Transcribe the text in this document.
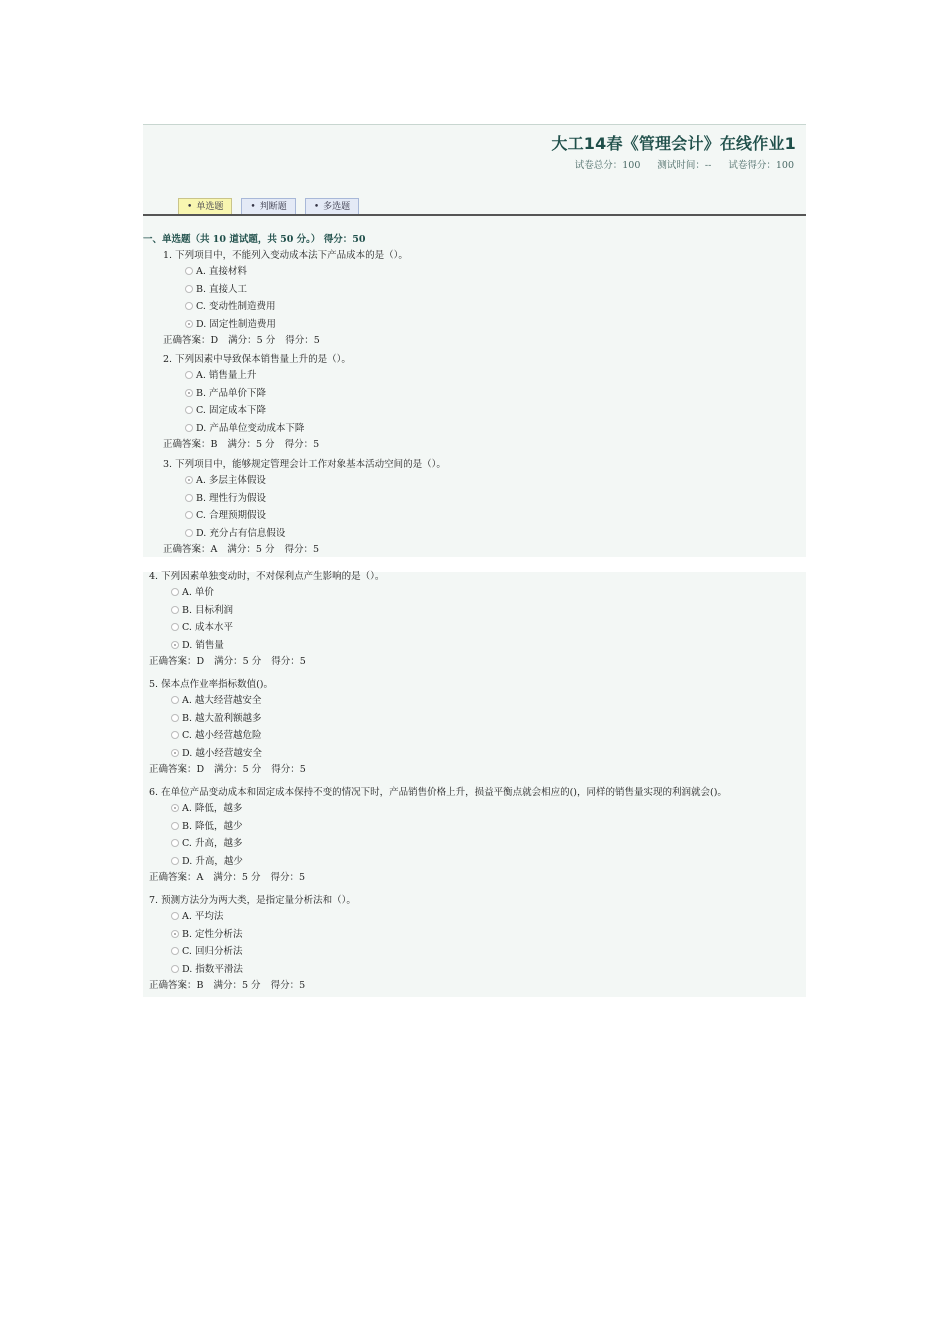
大工14春《管理会计》在线作业1
试卷总分：100 测试时间：-- 试卷得分：100
• 单选题	• 判断题	• 多选题
一、单选题（共 10 道试题，共 50 分。） 得分：50
1. 下列项目中，不能列入变动成本法下产品成本的是（）。
A. 直接材料
B. 直接人工
C. 变动性制造费用
D. 固定性制造费用
正确答案：D 满分：5 分 得分：5
2. 下列因素中导致保本销售量上升的是（）。
A. 销售量上升
B. 产品单价下降
C. 固定成本下降
D. 产品单位变动成本下降
正确答案：B 满分：5 分 得分：5
3. 下列项目中，能够规定管理会计工作对象基本活动空间的是（）。
A. 多层主体假设
B. 理性行为假设
C. 合理预期假设
D. 充分占有信息假设
正确答案：A 满分：5 分 得分：5
4. 下列因素单独变动时，不对保利点产生影响的是（）。
A. 单价
B. 目标利润
C. 成本水平
D. 销售量
正确答案：D 满分：5 分 得分：5
5. 保本点作业率指标数值()。
A. 越大经营越安全
B. 越大盈利额越多
C. 越小经营越危险
D. 越小经营越安全
正确答案：D 满分：5 分 得分：5
6. 在单位产品变动成本和固定成本保持不变的情况下时，产品销售价格上升，损益平衡点就会相应的()，同样的销售量实现的利润就会()。
A. 降低，越多
B. 降低，越少
C. 升高，越多
D. 升高，越少
正确答案：A 满分：5 分 得分：5
7. 预测方法分为两大类，是指定量分析法和（）。
A. 平均法
B. 定性分析法
C. 回归分析法
D. 指数平滑法
正确答案：B 满分：5 分 得分：5
